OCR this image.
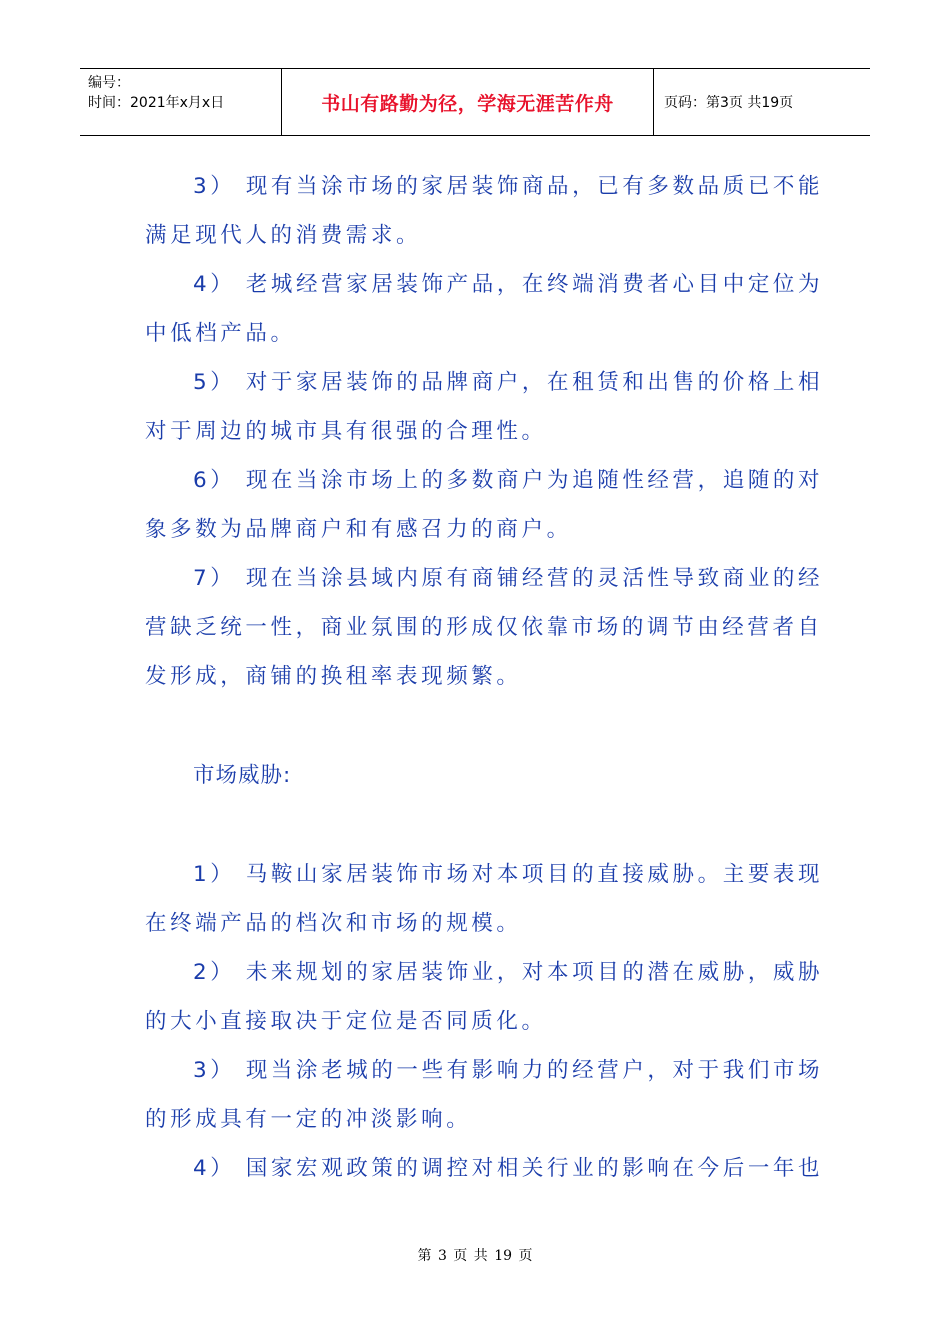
编号：
时间：2021年x月x日	书山有路勤为径，学海无涯苦作舟	页码：第3页 共19页

3） 现有当涂市场的家居装饰商品，已有多数品质已不能满足现代人的消费需求。

4） 老城经营家居装饰产品，在终端消费者心目中定位为中低档产品。

5） 对于家居装饰的品牌商户，在租赁和出售的价格上相对于周边的城市具有很强的合理性。

6） 现在当涂市场上的多数商户为追随性经营，追随的对象多数为品牌商户和有感召力的商户。

7） 现在当涂县域内原有商铺经营的灵活性导致商业的经营缺乏统一性，商业氛围的形成仅依靠市场的调节由经营者自发形成，商铺的换租率表现频繁。

市场威胁:

1） 马鞍山家居装饰市场对本项目的直接威胁。主要表现在终端产品的档次和市场的规模。

2） 未来规划的家居装饰业，对本项目的潜在威胁，威胁的大小直接取决于定位是否同质化。

3） 现当涂老城的一些有影响力的经营户，对于我们市场的形成具有一定的冲淡影响。

4） 国家宏观政策的调控对相关行业的影响在今后一年也

第 3 页 共 19 页
